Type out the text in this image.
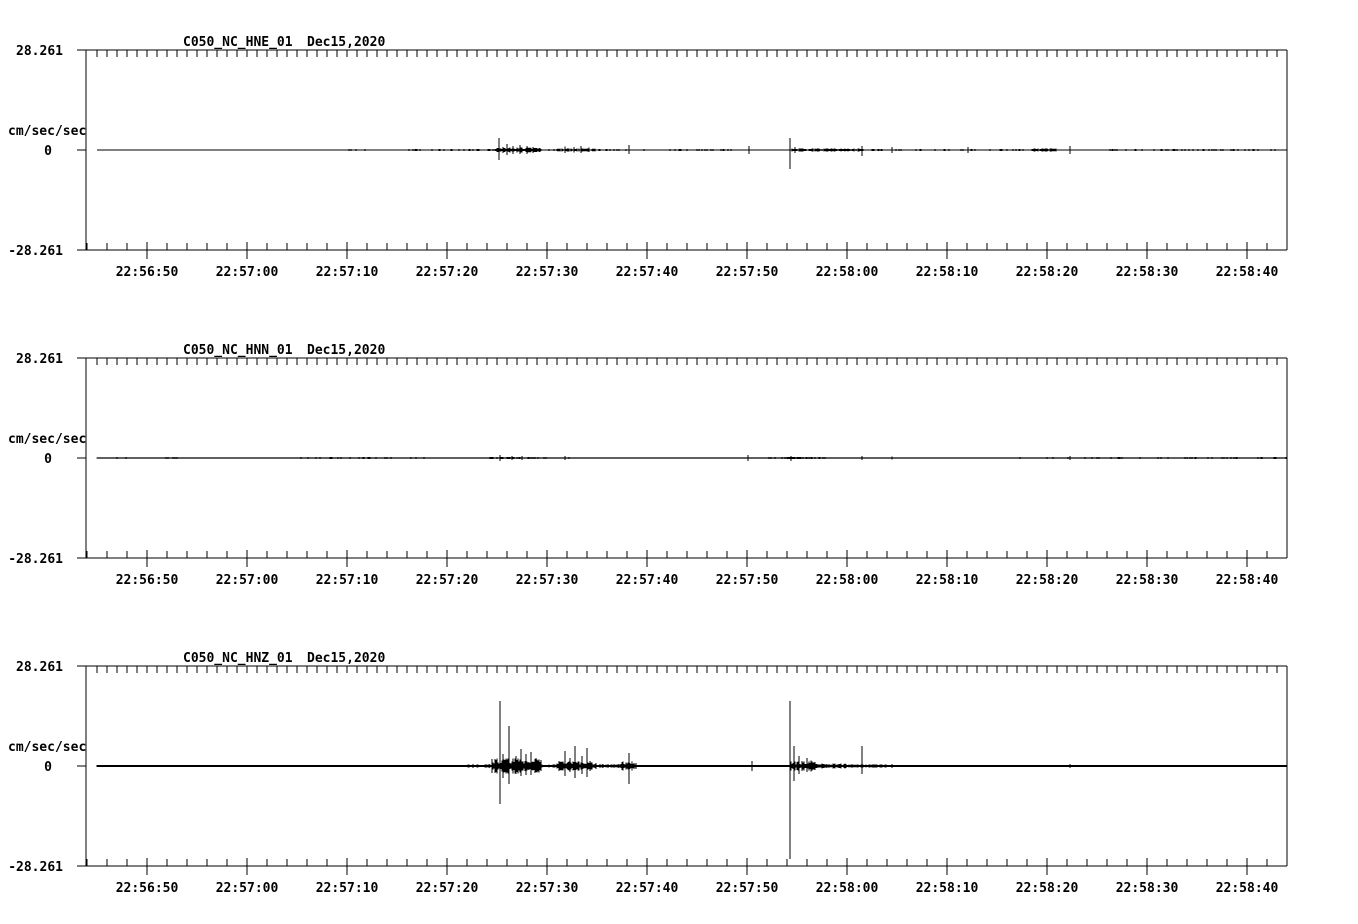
C050_NC_HNE_01 Dec15,2020
28.261
cm/sec/sec
0
-28.261
22:56:50	22:57:00	22:57:10	22:57:20	22:57:30	22:57:40	22:57:50	22:58:00	22:58:10	22:58:20	22:58:30	22:58:40
C050_NC_HNN_01 Dec15,2020
28.261
cm/sec/sec
0
-28.261
22:56:50	22:57:00	22:57:10	22:57:20	22:57:30	22:57:40	22:57:50	22:58:00	22:58:10	22:58:20	22:58:30	22:58:40
C050_NC_HNZ_01 Dec15,2020
28.261
cm/sec/sec
0
-28.261
22:56:50	22:57:00	22:57:10	22:57:20	22:57:30	22:57:40	22:57:50	22:58:00	22:58:10	22:58:20	22:58:30	22:58:40
